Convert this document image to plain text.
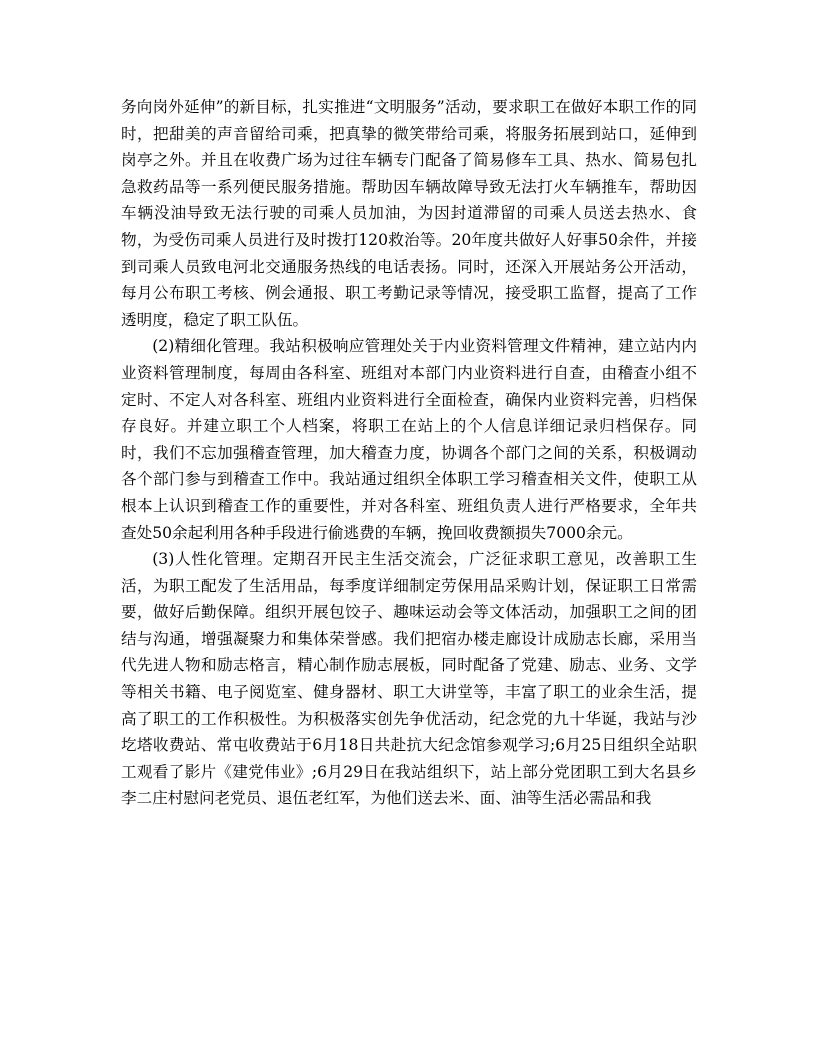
务向岗外延伸”的新目标，扎实推进“文明服务”活动，要求职工在做好本职工作的同时，把甜美的声音留给司乘，把真挚的微笑带给司乘，将服务拓展到站口，延伸到岗亭之外。并且在收费广场为过往车辆专门配备了简易修车工具、热水、简易包扎急救药品等一系列便民服务措施。帮助因车辆故障导致无法打火车辆推车，帮助因车辆没油导致无法行驶的司乘人员加油，为因封道滞留的司乘人员送去热水、食物，为受伤司乘人员进行及时拨打120救治等。20年度共做好人好事50余件，并接到司乘人员致电河北交通服务热线的电话表扬。同时，还深入开展站务公开活动，每月公布职工考核、例会通报、职工考勤记录等情况，接受职工监督，提高了工作透明度，稳定了职工队伍。

(2)精细化管理。我站积极响应管理处关于内业资料管理文件精神，建立站内内业资料管理制度，每周由各科室、班组对本部门内业资料进行自查，由稽查小组不定时、不定人对各科室、班组内业资料进行全面检查，确保内业资料完善，归档保存良好。并建立职工个人档案，将职工在站上的个人信息详细记录归档保存。同时，我们不忘加强稽查管理，加大稽查力度，协调各个部门之间的关系，积极调动各个部门参与到稽查工作中。我站通过组织全体职工学习稽查相关文件，使职工从根本上认识到稽查工作的重要性，并对各科室、班组负责人进行严格要求，全年共查处50余起利用各种手段进行偷逃费的车辆，挽回收费额损失7000余元。

(3)人性化管理。定期召开民主生活交流会，广泛征求职工意见，改善职工生活，为职工配发了生活用品，每季度详细制定劳保用品采购计划，保证职工日常需要，做好后勤保障。组织开展包饺子、趣味运动会等文体活动，加强职工之间的团结与沟通，增强凝聚力和集体荣誉感。我们把宿办楼走廊设计成励志长廊，采用当代先进人物和励志格言，精心制作励志展板，同时配备了党建、励志、业务、文学等相关书籍、电子阅览室、健身器材、职工大讲堂等，丰富了职工的业余生活，提高了职工的工作积极性。为积极落实创先争优活动，纪念党的九十华诞，我站与沙圪塔收费站、常屯收费站于6月18日共赴抗大纪念馆参观学习;6月25日组织全站职工观看了影片《建党伟业》;6月29日在我站组织下，站上部分党团职工到大名县乡李二庄村慰问老党员、退伍老红军，为他们送去米、面、油等生活必需品和我
